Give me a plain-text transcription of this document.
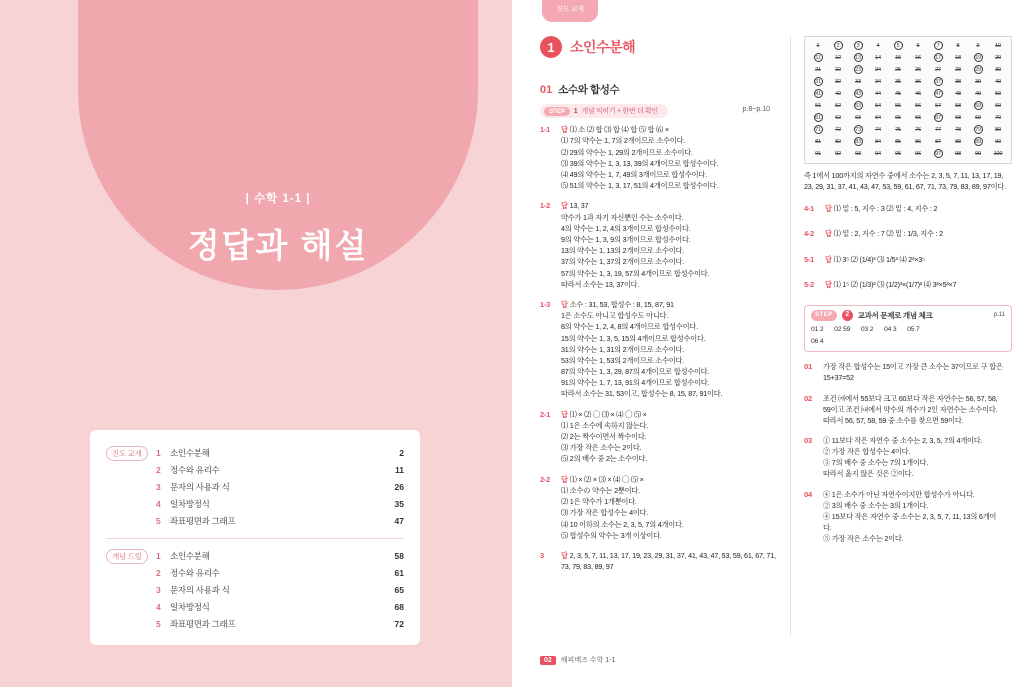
| 수학 1-1 |
정답과 해설
진도 교재	1	소인수분해	2
2	정수와 유리수	11
3	문자의 사용과 식	26
4	일차방정식	35
5	좌표평면과 그래프	47
개념 드릴	1	소인수분해	58
2	정수와 유리수	61
3	문자의 사용과 식	65
4	일차방정식	68
5	좌표평면과 그래프	72
진도 교재
1	소인수분해
01 소수와 합성수
STEP	1 개념 익히기 + 한번 더 확인	p.8~p.10
1-1	답 ⑴ 소 ⑵ 합 ⑶ 합 ⑷ 합 ⑸ 합 ⑹ ×
⑴ 7의 약수는 1, 7의 2개이므로 소수이다.
⑵ 29의 약수는 1, 29의 2개이므로 소수이다.
⑶ 39의 약수는 1, 3, 13, 39의 4개이므로 합성수이다.
⑷ 49의 약수는 1, 7, 49의 3개이므로 합성수이다.
⑸ 51의 약수는 1, 3, 17, 51의 4개이므로 합성수이다.
1-2	답 13, 37
약수가 1과 자기 자신뿐인 수는 소수이다.
4의 약수는 1, 2, 4의 3개이므로 합성수이다.
9의 약수는 1, 3, 9의 3개이므로 합성수이다.
13의 약수는 1, 13의 2개이므로 소수이다.
37의 약수는 1, 37의 2개이므로 소수이다.
57의 약수는 1, 3, 19, 57의 4개이므로 합성수이다.
따라서 소수는 13, 37이다.
1-3	답 소수 : 31, 53, 합성수 : 8, 15, 87, 91
1은 소수도 아니고 합성수도 아니다.
8의 약수는 1, 2, 4, 8의 4개이므로 합성수이다.
15의 약수는 1, 3, 5, 15의 4개이므로 합성수이다.
31의 약수는 1, 31의 2개이므로 소수이다.
53의 약수는 1, 53의 2개이므로 소수이다.
87의 약수는 1, 3, 29, 87의 4개이므로 합성수이다.
91의 약수는 1, 7, 13, 91의 4개이므로 합성수이다.
따라서 소수는 31, 53이고, 합성수는 8, 15, 87, 91이다.
2-1	답 ⑴ × ⑵ ◯ ⑶ × ⑷ ◯ ⑸ ×
⑴ 1은 소수에 속하지 않는다.
⑵ 2는 짝수이면서 짝수이다.
⑶ 가장 작은 소수는 2이다.
⑸ 2의 배수 중 2는 소수이다.
2-2	답 ⑴ × ⑵ × ⑶ × ⑷ ◯ ⑸ ×
⑴ 소수の 약수는 2뿐이다.
⑵ 1은 약수가 1개뿐이다.
⑶ 가장 작은 합성수는 4이다.
⑷ 10 이하의 소수는 2, 3, 5, 7의 4개이다.
⑸ 합성수의 약수는 3개 이상이다.
3	답 2, 3, 5, 7, 11, 13, 17, 19, 23, 29, 31, 37, 41, 43, 47, 53, 59, 61, 67, 71, 73, 79, 83, 89, 97
1	2	3	4	5	6	7	8	9	10
11	12	13	14	15	16	17	18	19	20
21	22	23	24	25	26	27	28	29	30
31	32	33	34	35	36	37	38	39	40
41	42	43	44	45	46	47	48	49	50
51	52	53	54	55	56	57	58	59	60
61	62	63	64	65	66	67	68	69	70
71	72	73	74	75	76	77	78	79	80
81	82	83	84	85	86	87	88	89	90
91	92	93	94	95	96	97	98	99	100
즉 1에서 100까지의 자연수 중에서 소수는 2, 3, 5, 7, 11, 13, 17, 19, 23, 29, 31, 37, 41, 43, 47, 53, 59, 61, 67, 71, 73, 79, 83, 89, 97이다.
4-1	답 ⑴ 밑 : 5, 지수 : 3 ⑵ 밑 : 4, 지수 : 2
4-2	답 ⑴ 밑 : 2, 지수 : 7 ⑵ 밑 : 1/3, 지수 : 2
5-1	답 ⑴ 3⁵ ⑵ (1/4)³ ⑶ 1/5³ ⑷ 2³×3⁵
5-2	답 ⑴ 1⁵ ⑵ (1/3)² ⑶ (1/2)³×(1/7)² ⑷ 3²×5³×7
STEP	2	교과서 문제로 개념 체크	p.11
01 2 02 59 03 2 04 3 05 7
06 4
01	가장 작은 합성수는 15이고 가장 큰 소수는 37이므로 구 합은
15+37=52
02	조건 ㈎에서 55보다 크고 60보다 작은 자연수는 56, 57, 58,
59이고 조건 ㈏에서 약수의 개수가 2인 자연수는 소수이다.
따라서 56, 57, 58, 59 중 소수를 찾으면 59이다.
03	① 11보다 작은 자연수 중 소수는 2, 3, 5, 7의 4개이다.
② 가장 작은 합성수는 4이다.
③ 7의 배수 중 소수는 7의 1개이다.
따라서 옳지 않은 것은 ②이다.
04	④ 1은 소수가 아닌 자연수이지만 합성수가 아니다.
② 3의 배수 중 소수는 3의 1개이다.
④ 15보다 작은 자연수 중 소수는 2, 3, 5, 7, 11, 13의 6개이
다.
⑤ 가장 작은 소수는 2이다.
02	해피메즈 수학 1-1
